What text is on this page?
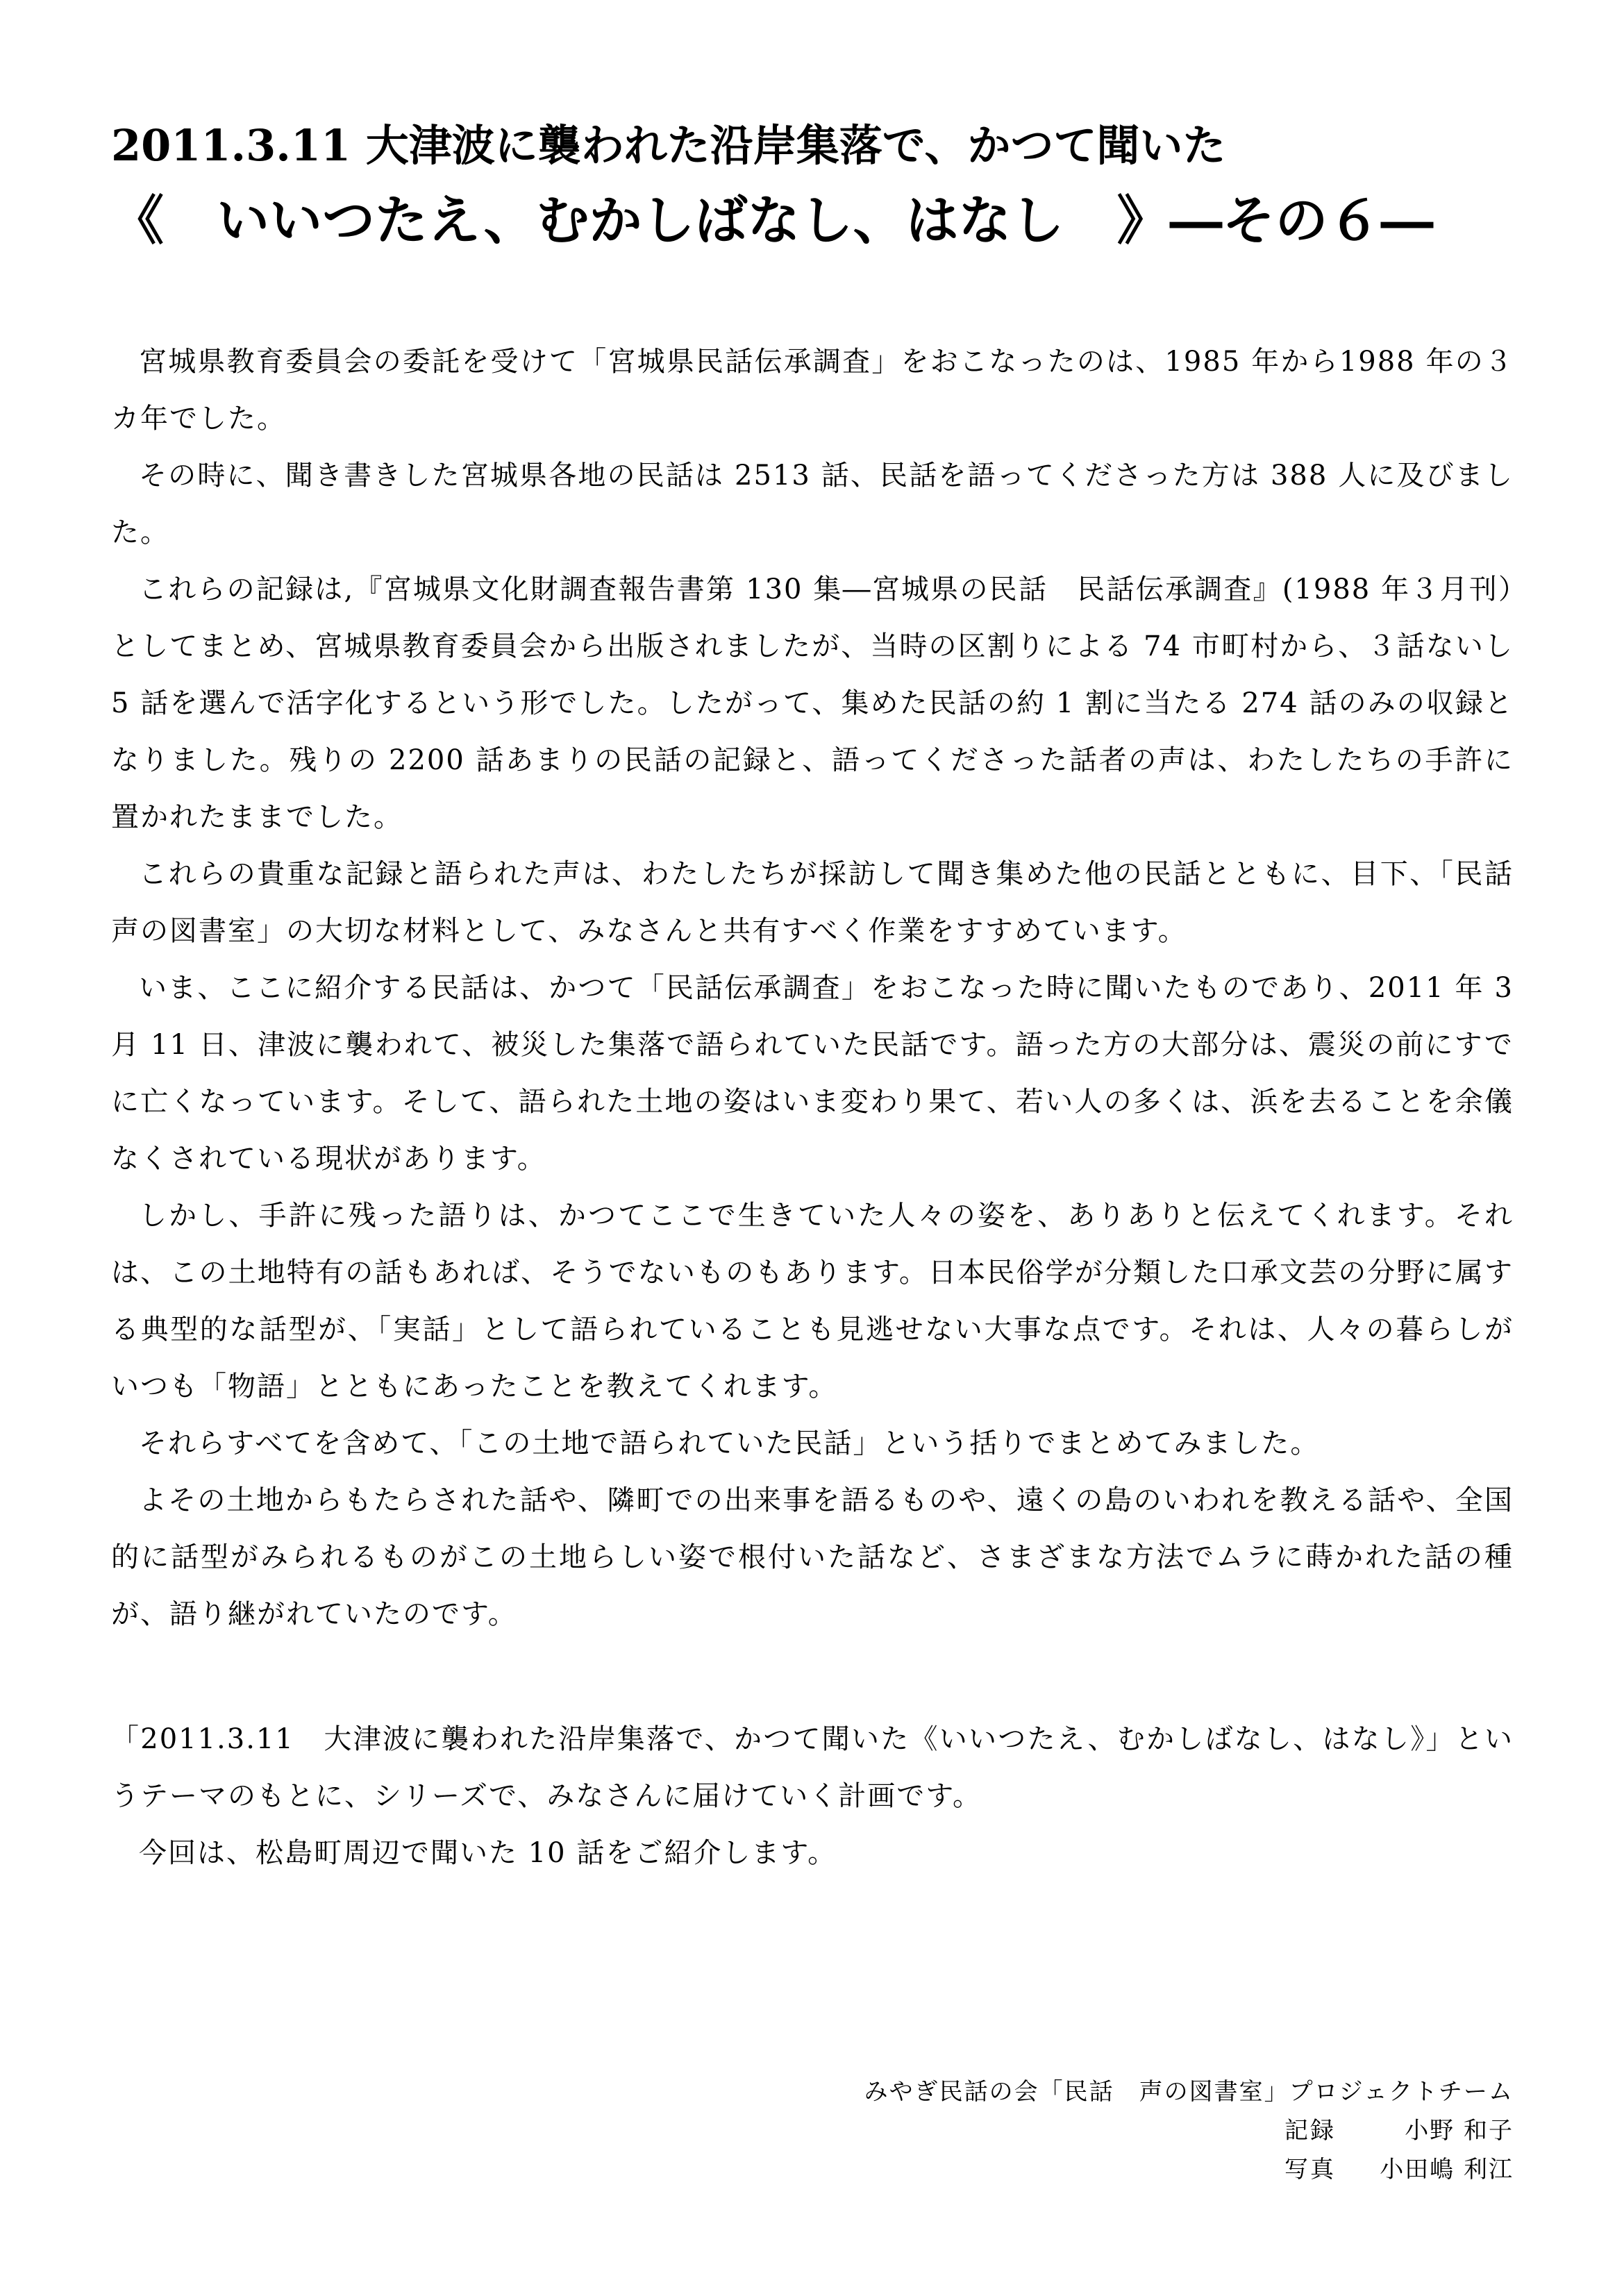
2011.3.11 大津波に襲われた沿岸集落で、かつて聞いた
《　いいつたえ、むかしばなし、はなし　》―その６―

宮城県教育委員会の委託を受けて「宮城県民話伝承調査」をおこなったのは、1985 年から1988 年の３カ年でした。

その時に、聞き書きした宮城県各地の民話は 2513 話、民話を語ってくださった方は 388 人に及びました。

これらの記録は,『宮城県文化財調査報告書第 130 集―宮城県の民話　民話伝承調査』(1988 年３月刊）としてまとめ、宮城県教育委員会から出版されましたが、当時の区割りによる 74 市町村から、３話ないし 5 話を選んで活字化するという形でした。したがって、集めた民話の約 1 割に当たる 274 話のみの収録となりました。残りの 2200 話あまりの民話の記録と、語ってくださった話者の声は、わたしたちの手許に置かれたままでした。

これらの貴重な記録と語られた声は、わたしたちが採訪して聞き集めた他の民話とともに、目下、「民話　声の図書室」の大切な材料として、みなさんと共有すべく作業をすすめています。

いま、ここに紹介する民話は、かつて「民話伝承調査」をおこなった時に聞いたものであり、2011 年 3 月 11 日、津波に襲われて、被災した集落で語られていた民話です。語った方の大部分は、震災の前にすでに亡くなっています。そして、語られた土地の姿はいま変わり果て、若い人の多くは、浜を去ることを余儀なくされている現状があります。

しかし、手許に残った語りは、かつてここで生きていた人々の姿を、ありありと伝えてくれます。それは、この土地特有の話もあれば、そうでないものもあります。日本民俗学が分類した口承文芸の分野に属する典型的な話型が、「実話」として語られていることも見逃せない大事な点です。それは、人々の暮らしがいつも「物語」とともにあったことを教えてくれます。

それらすべてを含めて、「この土地で語られていた民話」という括りでまとめてみました。

よその土地からもたらされた話や、隣町での出来事を語るものや、遠くの島のいわれを教える話や、全国的に話型がみられるものがこの土地らしい姿で根付いた話など、さまざまな方法でムラに蒔かれた話の種が、語り継がれていたのです。

「2011.3.11　大津波に襲われた沿岸集落で、かつて聞いた《いいつたえ、むかしばなし、はなし》」というテーマのもとに、シリーズで、みなさんに届けていく計画です。

今回は、松島町周辺で聞いた 10 話をご紹介します。

みやぎ民話の会「民話　声の図書室」プロジェクトチーム
記録	小野 和子
写真	小田嶋 利江
